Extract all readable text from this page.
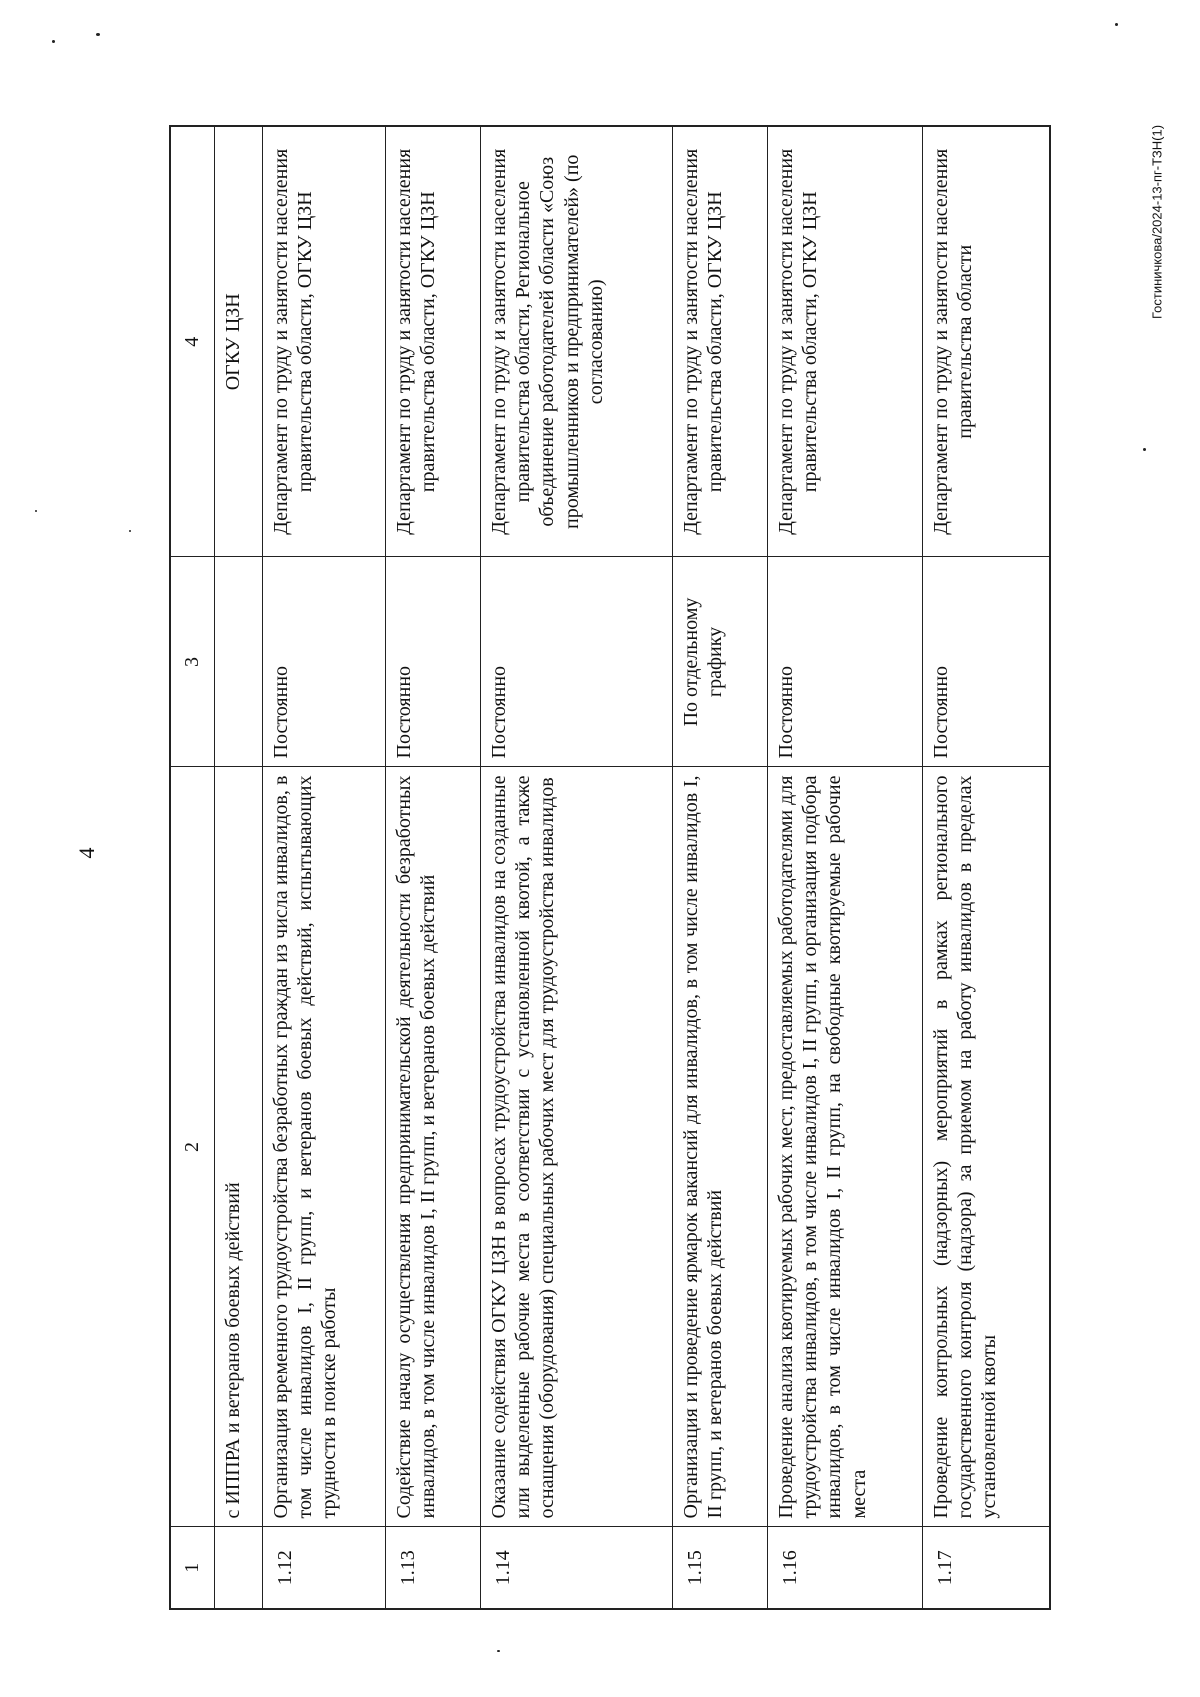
4
Гостиничкова/2024-13-пг-ТЗН(1)
1	2	3	4
	с ИППРА и ветеранов боевых действий		ОГКУ ЦЗН
1.12	Организация временного трудоустройства безработных граждан из числа инвалидов, в том числе инвалидов I, II групп, и ветеранов боевых действий, испытывающих трудности в поиске работы	Постоянно	Департамент по труду и занятости населения правительства области, ОГКУ ЦЗН
1.13	Содействие началу осуществления предпринимательской деятельности безработных инвалидов, в том числе инвалидов I, II групп, и ветеранов боевых действий	Постоянно	Департамент по труду и занятости населения правительства области, ОГКУ ЦЗН
1.14	Оказание содействия ОГКУ ЦЗН в вопросах трудоустройства инвалидов на созданные или выделенные рабочие места в соответствии с установленной квотой, а также оснащения (оборудования) специальных рабочих мест для трудоустройства инвалидов	Постоянно	Департамент по труду и занятости населения правительства области, Региональное объединение работодателей области «Союз промышленников и предпринимателей» (по согласованию)
1.15	Организация и проведение ярмарок вакансий для инвалидов, в том числе инвалидов I, II групп, и ветеранов боевых действий	По отдельному графику	Департамент по труду и занятости населения правительства области, ОГКУ ЦЗН
1.16	Проведение анализа квотируемых рабочих мест, предоставляемых работодателями для трудоустройства инвалидов, в том числе инвалидов I, II групп, и организация подбора инвалидов, в том числе инвалидов I, II групп, на свободные квотируемые рабочие места	Постоянно	Департамент по труду и занятости населения правительства области, ОГКУ ЦЗН
1.17	Проведение контрольных (надзорных) мероприятий в рамках регионального государственного контроля (надзора) за приемом на работу инвалидов в пределах установленной квоты	Постоянно	Департамент по труду и занятости населения правительства области
